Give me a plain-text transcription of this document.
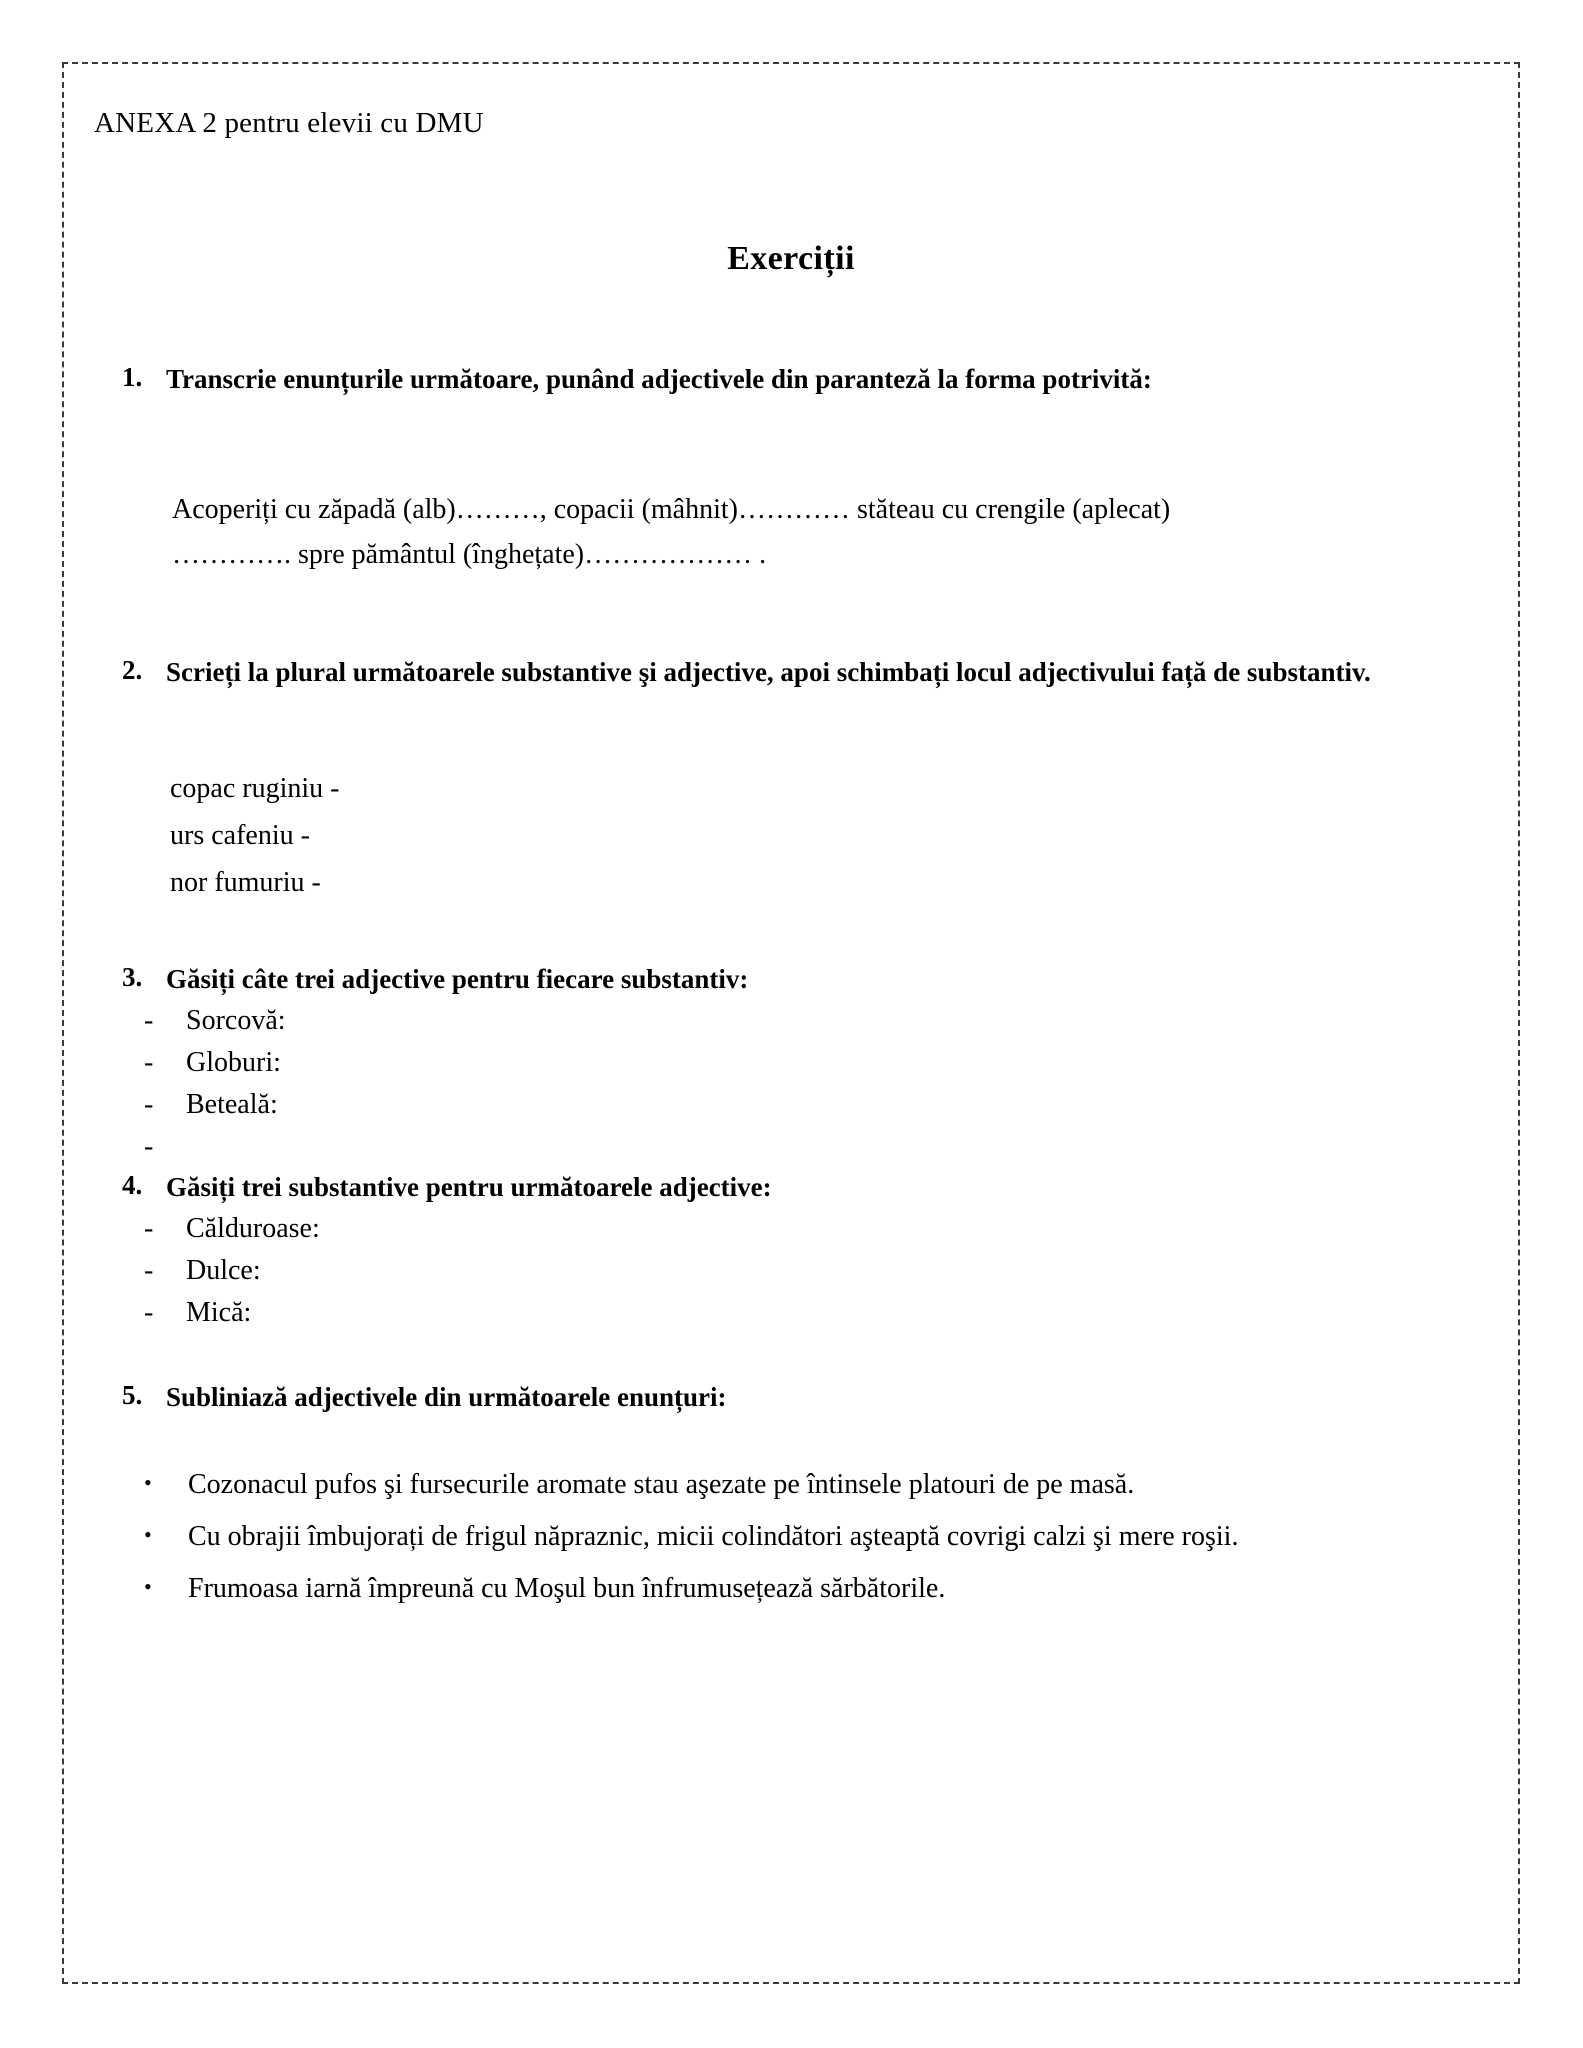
ANEXA 2 pentru elevii cu DMU
Exerciții
1. Transcrie enunțurile următoare, punând adjectivele din paranteză la forma potrivită:
Acoperiți cu zăpadă (alb)………, copacii (mâhnit)………… stăteau cu crengile (aplecat)
…………. spre pământul (înghețate)……………… .
2. Scrieți la plural următoarele substantive şi adjective, apoi schimbați locul adjectivului față de substantiv.
copac ruginiu -
urs cafeniu -
nor fumuriu -
3. Găsiți câte trei adjective pentru fiecare substantiv:
- Sorcovă:
- Globuri:
- Beteală:
-
4. Găsiți trei substantive pentru următoarele adjective:
- Călduroase:
- Dulce:
- Mică:
5. Subliniază adjectivele din următoarele enunțuri:
• Cozonacul pufos şi fursecurile aromate stau aşezate pe întinsele platouri de pe masă.
• Cu obrajii îmbujorați de frigul năpraznic, micii colindători aşteaptă covrigi calzi şi mere roşii.
• Frumoasa iarnă împreună cu Moşul bun înfrumusețează sărbătorile.
